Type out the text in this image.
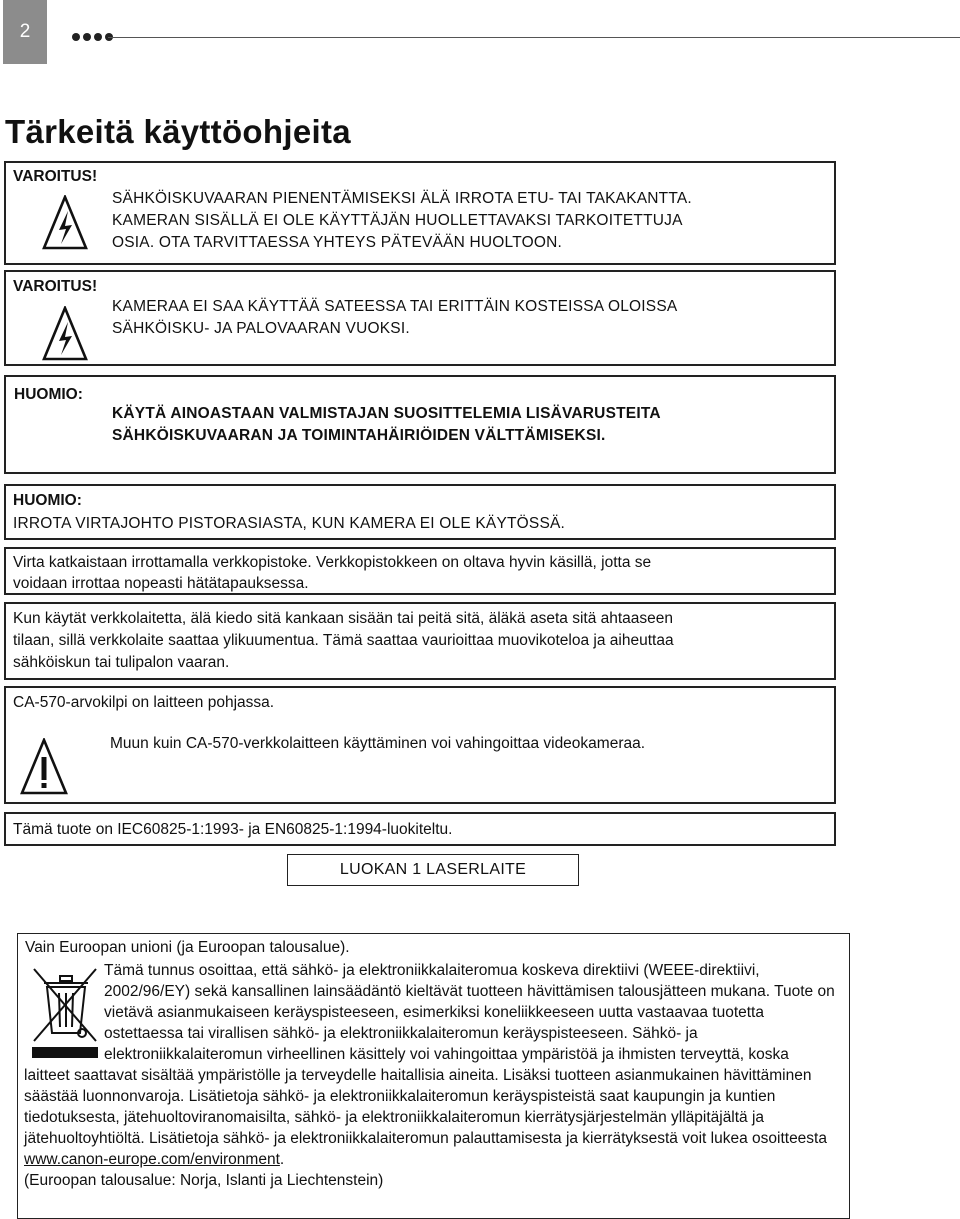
2
Tärkeitä käyttöohjeita
VAROITUS!
SÄHKÖISKUVAARAN PIENENTÄMISEKSI ÄLÄ IRROTA ETU- TAI TAKAKANTTA.
KAMERAN SISÄLLÄ EI OLE KÄYTTÄJÄN HUOLLETTAVAKSI TARKOITETTUJA
OSIA. OTA TARVITTAESSA YHTEYS PÄTEVÄÄN HUOLTOON.
VAROITUS!
KAMERAA EI SAA KÄYTTÄÄ SATEESSA TAI ERITTÄIN KOSTEISSA OLOISSA
SÄHKÖISKU- JA PALOVAARAN VUOKSI.
HUOMIO:
KÄYTÄ AINOASTAAN VALMISTAJAN SUOSITTELEMIA LISÄVARUSTEITA
SÄHKÖISKUVAARAN JA TOIMINTAHÄIRIÖIDEN VÄLTTÄMISEKSI.
HUOMIO:
IRROTA VIRTAJOHTO PISTORASIASTA, KUN KAMERA EI OLE KÄYTÖSSÄ.
Virta katkaistaan irrottamalla verkkopistoke. Verkkopistokkeen on oltava hyvin käsillä, jotta se
voidaan irrottaa nopeasti hätätapauksessa.
Kun käytät verkkolaitetta, älä kiedo sitä kankaan sisään tai peitä sitä, äläkä aseta sitä ahtaaseen
tilaan, sillä verkkolaite saattaa ylikuumentua. Tämä saattaa vaurioittaa muovikoteloa ja aiheuttaa
sähköiskun tai tulipalon vaaran.
CA-570-arvokilpi on laitteen pohjassa.
Muun kuin CA-570-verkkolaitteen käyttäminen voi vahingoittaa videokameraa.
Tämä tuote on IEC60825-1:1993- ja EN60825-1:1994-luokiteltu.
LUOKAN 1 LASERLAITE
Vain Euroopan unioni (ja Euroopan talousalue).
Tämä tunnus osoittaa, että sähkö- ja elektroniikkalaiteromua koskeva direktiivi (WEEE-direktiivi, 2002/96/EY) sekä kansallinen lainsäädäntö kieltävät tuotteen hävittämisen talousjätteen mukana. Tuote on vietävä asianmukaiseen keräyspisteeseen, esimerkiksi koneliikkeeseen uutta vastaavaa tuotetta ostettaessa tai virallisen sähkö- ja elektroniikkalaiteromun keräyspisteeseen. Sähkö- ja elektroniikkalaiteromun virheellinen käsittely voi vahingoittaa ympäristöä ja ihmisten terveyttä, koska laitteet saattavat sisältää ympäristölle ja terveydelle haitallisia aineita. Lisäksi tuotteen asianmukainen hävittäminen säästää luonnonvaroja. Lisätietoja sähkö- ja elektroniikkalaiteromun keräyspisteistä saat kaupungin ja kuntien tiedotuksesta, jätehuoltoviranomaisilta, sähkö- ja elektroniikkalaiteromun kierrätysjärjestelmän ylläpitäjältä ja jätehuoltoyhtiöltä. Lisätietoja sähkö- ja elektroniikkalaiteromun palauttamisesta ja kierrätyksestä voit lukea osoitteesta
www.canon-europe.com/environment.
(Euroopan talousalue: Norja, Islanti ja Liechtenstein)
